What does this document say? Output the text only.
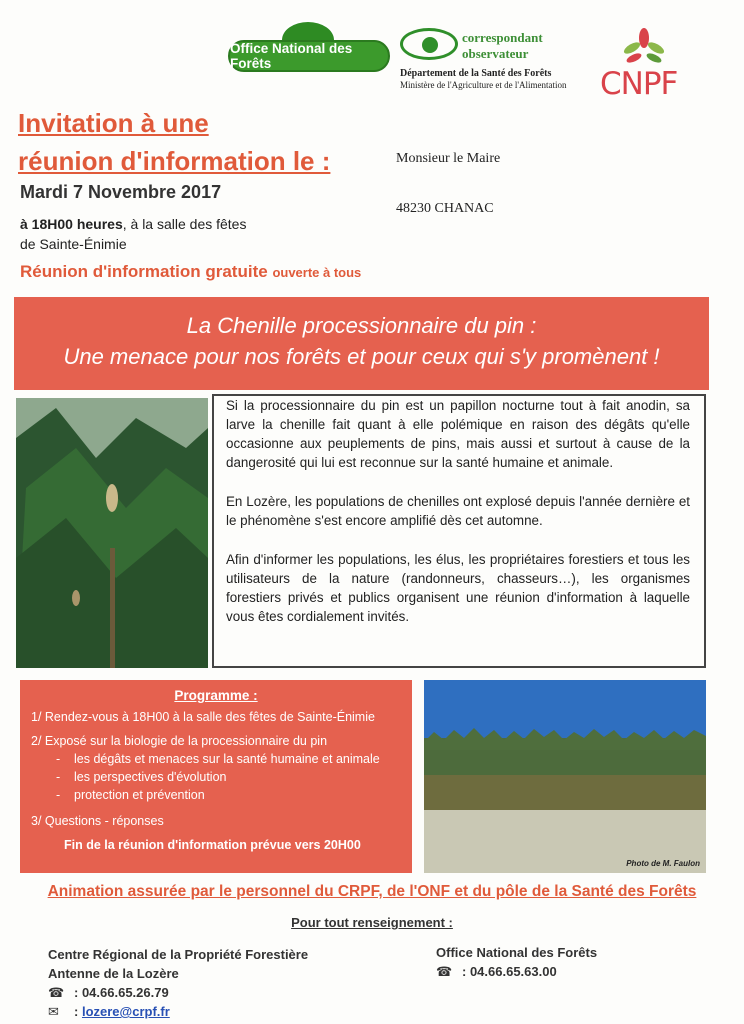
Office National des Forêts
correspondant
observateur
Département de la Santé des Forêts
Ministère de l'Agriculture et de l'Alimentation CNPF
Invitation à une
réunion d'information le :
Mardi 7 Novembre 2017
à 18H00 heures, à la salle des fêtes
de Sainte-Énimie
Réunion d'information gratuite ouverte à tous
Monsieur le Maire
48230 CHANAC
La Chenille processionnaire du pin :
Une menace pour nos forêts et pour ceux qui s'y promènent !

Si la processionnaire du pin est un papillon nocturne tout à fait anodin, sa larve la chenille fait quant à elle polémique en raison des dégâts qu'elle occasionne aux peuplements de pins, mais aussi et surtout à cause de la dangerosité qui lui est reconnue sur la santé humaine et animale.

En Lozère, les populations de chenilles ont explosé depuis l'année dernière et le phénomène s'est encore amplifié dès cet automne.

Afin d'informer les populations, les élus, les propriétaires forestiers et tous les utilisateurs de la nature (randonneurs, chasseurs…), les organismes forestiers privés et publics organisent une réunion d'information à laquelle vous êtes cordialement invités.

Programme :
1/ Rendez-vous à 18H00 à la salle des fêtes de Sainte-Énimie
2/ Exposé sur la biologie de la processionnaire du pin
- les dégâts et menaces sur la santé humaine et animale
- les perspectives d'évolution
- protection et prévention
3/ Questions - réponses
Fin de la réunion d'information prévue vers 20H00
Photo de M. Faulon
Animation assurée par le personnel du CRPF, de l'ONF et du pôle de la Santé des Forêts
Pour tout renseignement :
Centre Régional de la Propriété Forestière
Antenne de la Lozère
☎ : 04.66.65.26.79
✉ : lozere@crpf.fr
Office National des Forêts
☎ : 04.66.65.63.00
